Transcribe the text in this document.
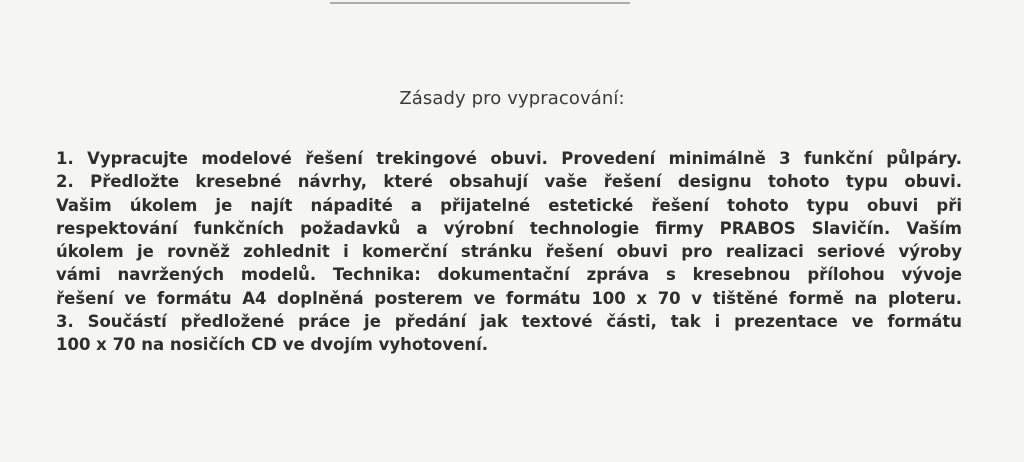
Zásady pro vypracování:
1. Vypracujte modelové řešení trekingové obuvi. Provedení minimálně 3 funkční půlpáry.
2. Předložte kresebné návrhy, které obsahují vaše řešení designu tohoto typu obuvi.
Vašim úkolem je najít nápadité a přijatelné estetické řešení tohoto typu obuvi při
respektování funkčních požadavků a výrobní technologie firmy PRABOS Slavičín. Vaším
úkolem je rovněž zohlednit i komerční stránku řešení obuvi pro realizaci seriové výroby
vámi navržených modelů. Technika: dokumentační zpráva s kresebnou přílohou vývoje
řešení ve formátu A4 doplněná posterem ve formátu 100 x 70 v tištěné formě na ploteru.
3. Součástí předložené práce je předání jak textové části, tak i prezentace ve formátu
100 x 70 na nosičích CD ve dvojím vyhotovení.
